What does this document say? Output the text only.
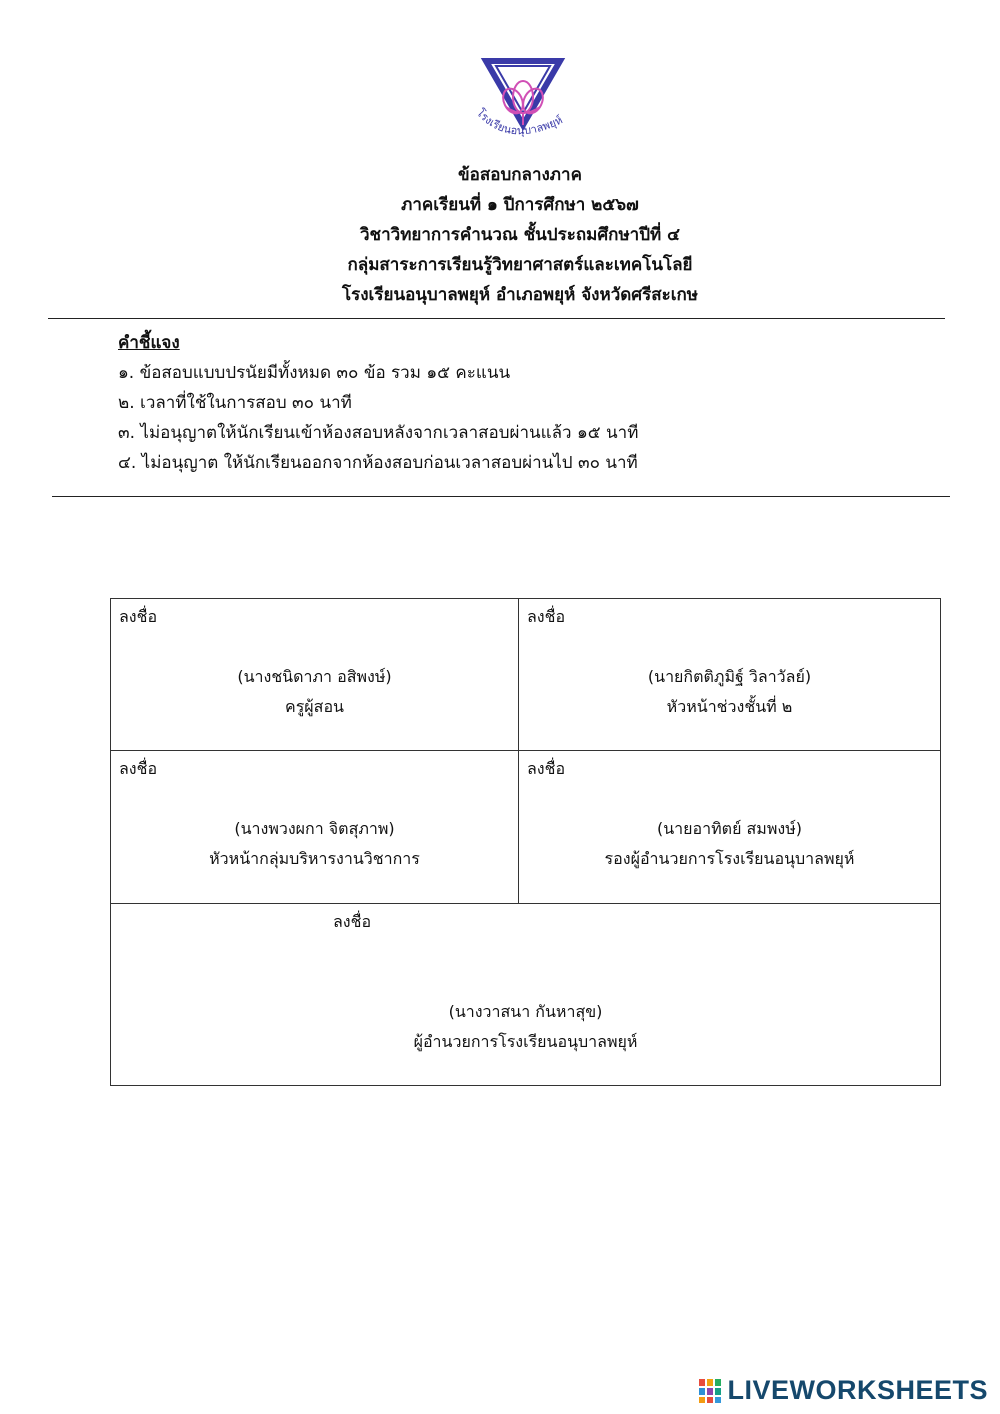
โรงเรียนอนุบาลพยุห์
ข้อสอบกลางภาค
ภาคเรียนที่ ๑ ปีการศึกษา ๒๕๖๗
วิชาวิทยาการคำนวณ ชั้นประถมศึกษาปีที่ ๔
กลุ่มสาระการเรียนรู้วิทยาศาสตร์และเทคโนโลยี
โรงเรียนอนุบาลพยุห์ อำเภอพยุห์ จังหวัดศรีสะเกษ
คำชี้แจง
๑. ข้อสอบแบบปรนัยมีทั้งหมด ๓๐ ข้อ รวม ๑๕ คะแนน
๒. เวลาที่ใช้ในการสอบ ๓๐ นาที
๓. ไม่อนุญาตให้นักเรียนเข้าห้องสอบหลังจากเวลาสอบผ่านแล้ว ๑๕ นาที
๔. ไม่อนุญาต ให้นักเรียนออกจากห้องสอบก่อนเวลาสอบผ่านไป ๓๐ นาที
ลงชื่อ
(นางชนิดาภา อสิพงษ์)
ครูผู้สอน
ลงชื่อ
(นายกิตติภูมิฐ์ วิลาวัลย์)
หัวหน้าช่วงชั้นที่ ๒
ลงชื่อ
(นางพวงผกา จิตสุภาพ)
หัวหน้ากลุ่มบริหารงานวิชาการ
ลงชื่อ
(นายอาทิตย์ สมพงษ์)
รองผู้อำนวยการโรงเรียนอนุบาลพยุห์
ลงชื่อ
(นางวาสนา กันหาสุข)
ผู้อำนวยการโรงเรียนอนุบาลพยุห์
LIVEWORKSHEETS
